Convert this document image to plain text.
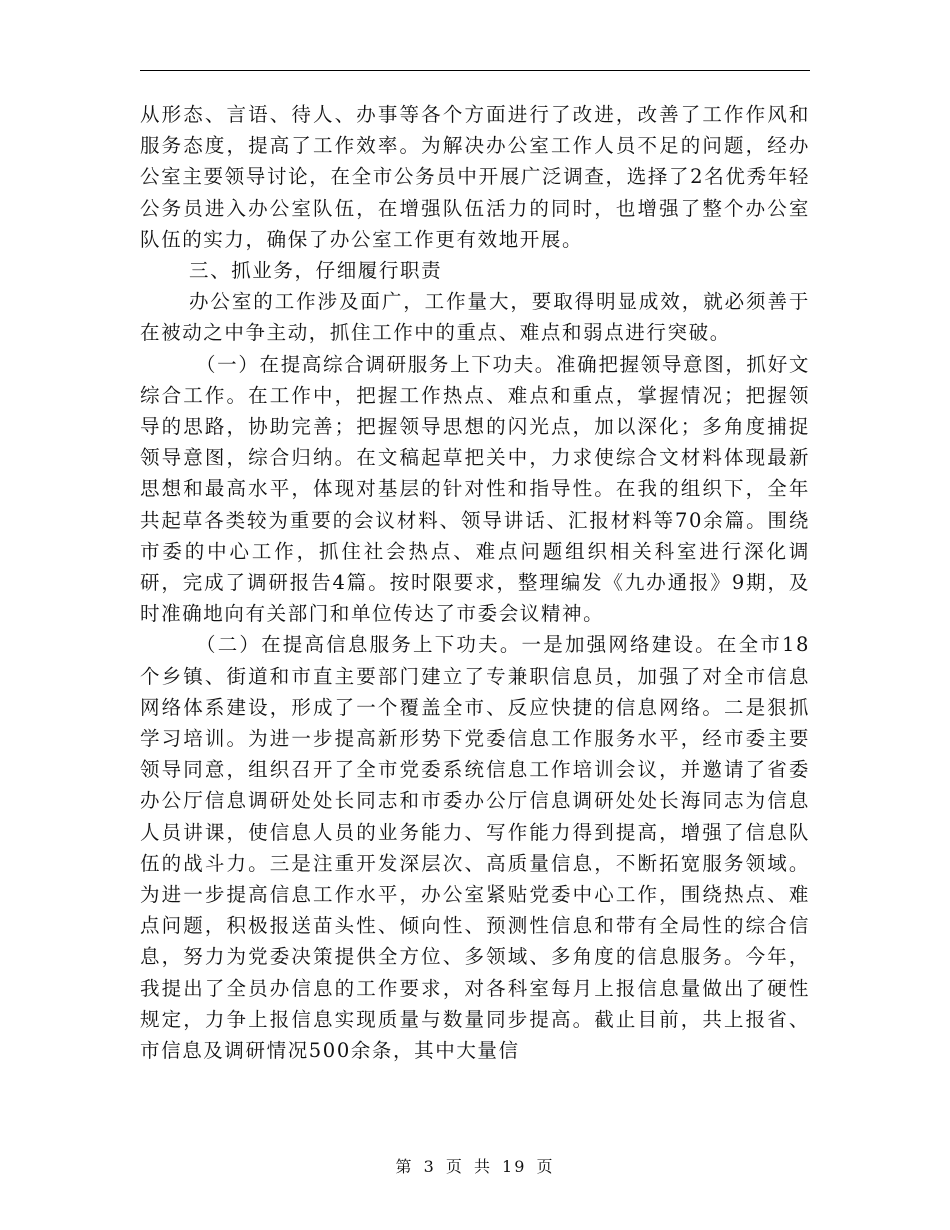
从形态、言语、待人、办事等各个方面进行了改进，改善了工作作风和服务态度，提高了工作效率。为解决办公室工作人员不足的问题，经办公室主要领导讨论，在全市公务员中开展广泛调查，选择了2名优秀年轻公务员进入办公室队伍，在增强队伍活力的同时，也增强了整个办公室队伍的实力，确保了办公室工作更有效地开展。

三、抓业务，仔细履行职责

办公室的工作涉及面广，工作量大，要取得明显成效，就必须善于在被动之中争主动，抓住工作中的重点、难点和弱点进行突破。

（一）在提高综合调研服务上下功夫。准确把握领导意图，抓好文综合工作。在工作中，把握工作热点、难点和重点，掌握情况；把握领导的思路，协助完善；把握领导思想的闪光点，加以深化；多角度捕捉领导意图，综合归纳。在文稿起草把关中，力求使综合文材料体现最新思想和最高水平，体现对基层的针对性和指导性。在我的组织下，全年共起草各类较为重要的会议材料、领导讲话、汇报材料等70余篇。围绕市委的中心工作，抓住社会热点、难点问题组织相关科室进行深化调研，完成了调研报告4篇。按时限要求，整理编发《九办通报》9期，及时准确地向有关部门和单位传达了市委会议精神。

（二）在提高信息服务上下功夫。一是加强网络建设。在全市18个乡镇、街道和市直主要部门建立了专兼职信息员，加强了对全市信息网络体系建设，形成了一个覆盖全市、反应快捷的信息网络。二是狠抓学习培训。为进一步提高新形势下党委信息工作服务水平，经市委主要领导同意，组织召开了全市党委系统信息工作培训会议，并邀请了省委办公厅信息调研处处长同志和市委办公厅信息调研处处长海同志为信息人员讲课，使信息人员的业务能力、写作能力得到提高，增强了信息队伍的战斗力。三是注重开发深层次、高质量信息，不断拓宽服务领域。为进一步提高信息工作水平，办公室紧贴党委中心工作，围绕热点、难点问题，积极报送苗头性、倾向性、预测性信息和带有全局性的综合信息，努力为党委决策提供全方位、多领域、多角度的信息服务。今年，我提出了全员办信息的工作要求，对各科室每月上报信息量做出了硬性规定，力争上报信息实现质量与数量同步提高。截止目前，共上报省、市信息及调研情况500余条，其中大量信

第 3 页 共 19 页
